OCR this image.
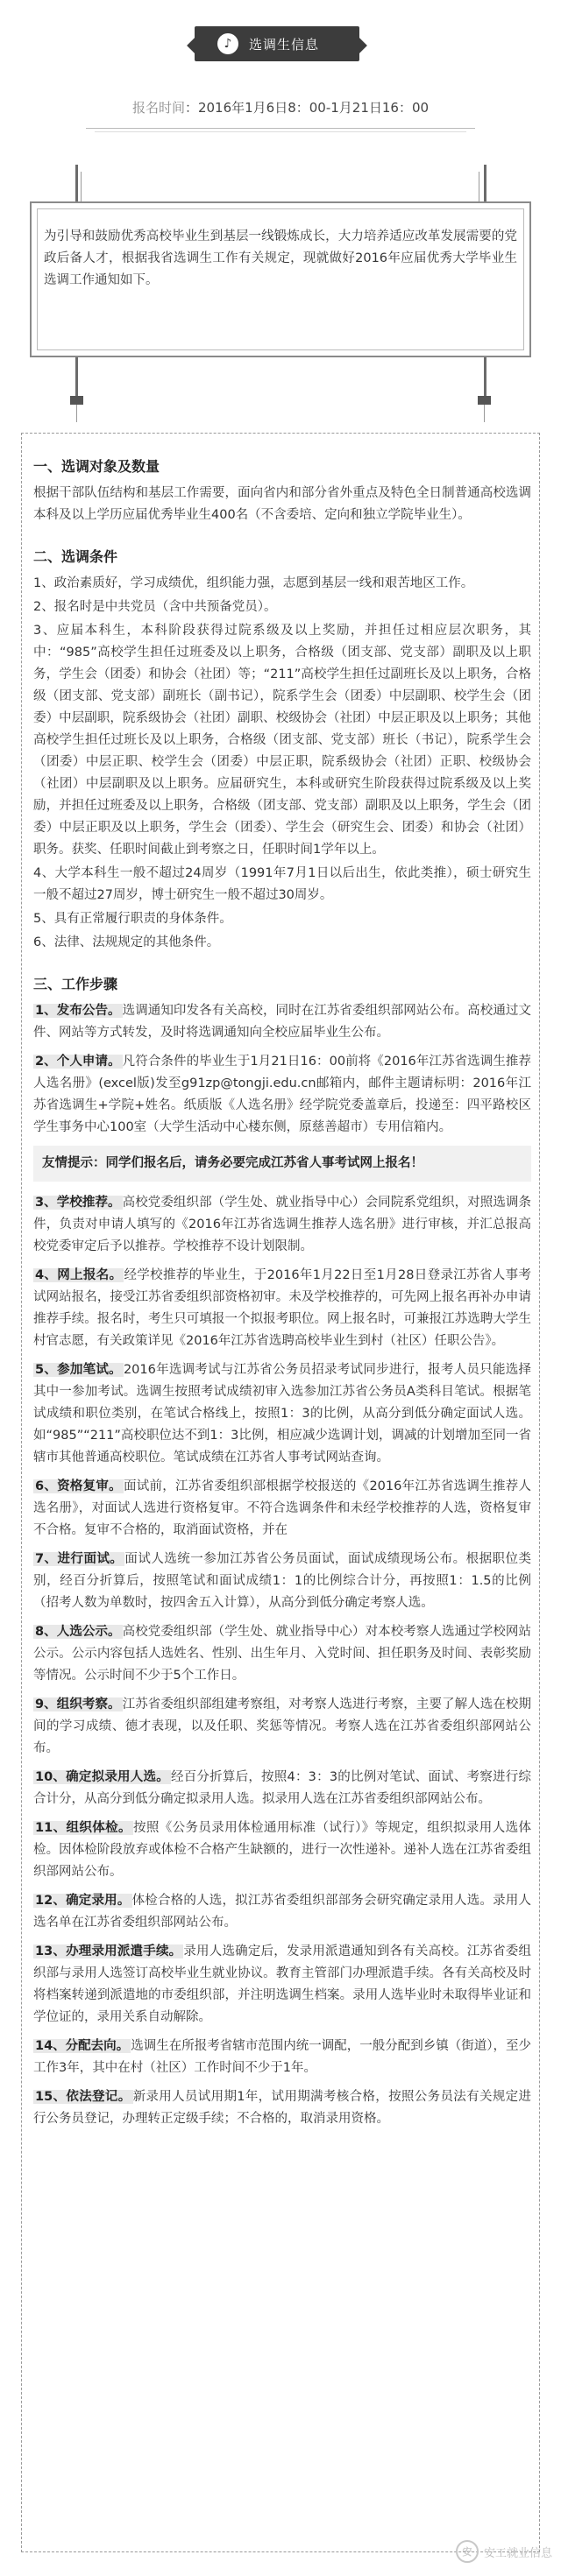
♪	选调生信息
报名时间：2016年1月6日8：00-1月21日16：00

为引导和鼓励优秀高校毕业生到基层一线锻炼成长，大力培养适应改革发展需要的党政后备人才，根据我省选调生工作有关规定，现就做好2016年应届优秀大学毕业生选调工作通知如下。

一、选调对象及数量

根据干部队伍结构和基层工作需要，面向省内和部分省外重点及特色全日制普通高校选调本科及以上学历应届优秀毕业生400名（不含委培、定向和独立学院毕业生）。

二、选调条件

1、政治素质好，学习成绩优，组织能力强，志愿到基层一线和艰苦地区工作。

2、报名时是中共党员（含中共预备党员）。

3、应届本科生，本科阶段获得过院系级及以上奖励，并担任过相应层次职务，其中：“985”高校学生担任过班委及以上职务，合格级（团支部、党支部）副职及以上职务，学生会（团委）和协会（社团）等；“211”高校学生担任过副班长及以上职务，合格级（团支部、党支部）副班长（副书记），院系学生会（团委）中层副职、校学生会（团委）中层副职，院系级协会（社团）副职、校级协会（社团）中层正职及以上职务；其他高校学生担任过班长及以上职务，合格级（团支部、党支部）班长（书记），院系学生会（团委）中层正职、校学生会（团委）中层正职，院系级协会（社团）正职、校级协会（社团）中层副职及以上职务。应届研究生，本科或研究生阶段获得过院系级及以上奖励，并担任过班委及以上职务，合格级（团支部、党支部）副职及以上职务，学生会（团委）中层正职及以上职务，学生会（团委）、学生会（研究生会、团委）和协会（社团）职务。获奖、任职时间截止到考察之日，任职时间1学年以上。

4、大学本科生一般不超过24周岁（1991年7月1日以后出生，依此类推），硕士研究生一般不超过27周岁，博士研究生一般不超过30周岁。

5、具有正常履行职责的身体条件。

6、法律、法规规定的其他条件。

三、工作步骤

1、发布公告。 选调通知印发各有关高校，同时在江苏省委组织部网站公布。高校通过文件、网站等方式转发，及时将选调通知向全校应届毕业生公布。

2、个人申请。 凡符合条件的毕业生于1月21日16：00前将《2016年江苏省选调生推荐人选名册》(excel版)发至g91zp@tongji.edu.cn邮箱内，邮件主题请标明：2016年江苏省选调生+学院+姓名。纸质版《人选名册》经学院党委盖章后，投递至：四平路校区 学生事务中心100室（大学生活动中心楼东侧，原慈善超市）专用信箱内。

友情提示：同学们报名后，请务必要完成江苏省人事考试网上报名！

3、学校推荐。 高校党委组织部（学生处、就业指导中心）会同院系党组织，对照选调条件，负责对申请人填写的《2016年江苏省选调生推荐人选名册》进行审核，并汇总报高校党委审定后予以推荐。学校推荐不设计划限制。

4、网上报名。 经学校推荐的毕业生，于2016年1月22日至1月28日登录江苏省人事考试网站报名，接受江苏省委组织部资格初审。未及学校推荐的，可先网上报名再补办申请推荐手续。报名时，考生只可填报一个拟报考职位。网上报名时，可兼报江苏选聘大学生村官志愿，有关政策详见《2016年江苏省选聘高校毕业生到村（社区）任职公告》。

5、参加笔试。 2016年选调考试与江苏省公务员招录考试同步进行，报考人员只能选择其中一参加考试。选调生按照考试成绩初审入选参加江苏省公务员A类科目笔试。根据笔试成绩和职位类别，在笔试合格线上，按照1：3的比例，从高分到低分确定面试人选。如“985”“211”高校职位达不到1：3比例，相应减少选调计划，调减的计划增加至同一省辖市其他普通高校职位。笔试成绩在江苏省人事考试网站查询。

6、资格复审。 面试前，江苏省委组织部根据学校报送的《2016年江苏省选调生推荐人选名册》，对面试人选进行资格复审。不符合选调条件和未经学校推荐的人选，资格复审不合格。复审不合格的，取消面试资格，并在

7、进行面试。 面试人选统一参加江苏省公务员面试，面试成绩现场公布。根据职位类别，经百分折算后，按照笔试和面试成绩1：1的比例综合计分，再按照1：1.5的比例（招考人数为单数时，按四舍五入计算），从高分到低分确定考察人选。

8、人选公示。 高校党委组织部（学生处、就业指导中心）对本校考察人选通过学校网站公示。公示内容包括人选姓名、性别、出生年月、入党时间、担任职务及时间、表彰奖励等情况。公示时间不少于5个工作日。

9、组织考察。 江苏省委组织部组建考察组，对考察人选进行考察，主要了解人选在校期间的学习成绩、德才表现，以及任职、奖惩等情况。考察人选在江苏省委组织部网站公布。

10、确定拟录用人选。 经百分折算后，按照4：3：3的比例对笔试、面试、考察进行综合计分，从高分到低分确定拟录用人选。拟录用人选在江苏省委组织部网站公布。

11、组织体检。 按照《公务员录用体检通用标准（试行）》等规定，组织拟录用人选体检。因体检阶段放弃或体检不合格产生缺额的，进行一次性递补。递补人选在江苏省委组织部网站公布。

12、确定录用。 体检合格的人选，拟江苏省委组织部部务会研究确定录用人选。录用人选名单在江苏省委组织部网站公布。

13、办理录用派遣手续。 录用人选确定后，发录用派遣通知到各有关高校。江苏省委组织部与录用人选签订高校毕业生就业协议。教育主管部门办理派遣手续。各有关高校及时将档案转递到派遣地的市委组织部，并注明选调生档案。录用人选毕业时未取得毕业证和学位证的，录用关系自动解除。

14、分配去向。 选调生在所报考省辖市范围内统一调配，一般分配到乡镇（街道），至少工作3年，其中在村（社区）工作时间不少于1年。

15、依法登记。 新录用人员试用期1年，试用期满考核合格，按照公务员法有关规定进行公务员登记，办理转正定级手续；不合格的，取消录用资格。

安	安工就业信息
